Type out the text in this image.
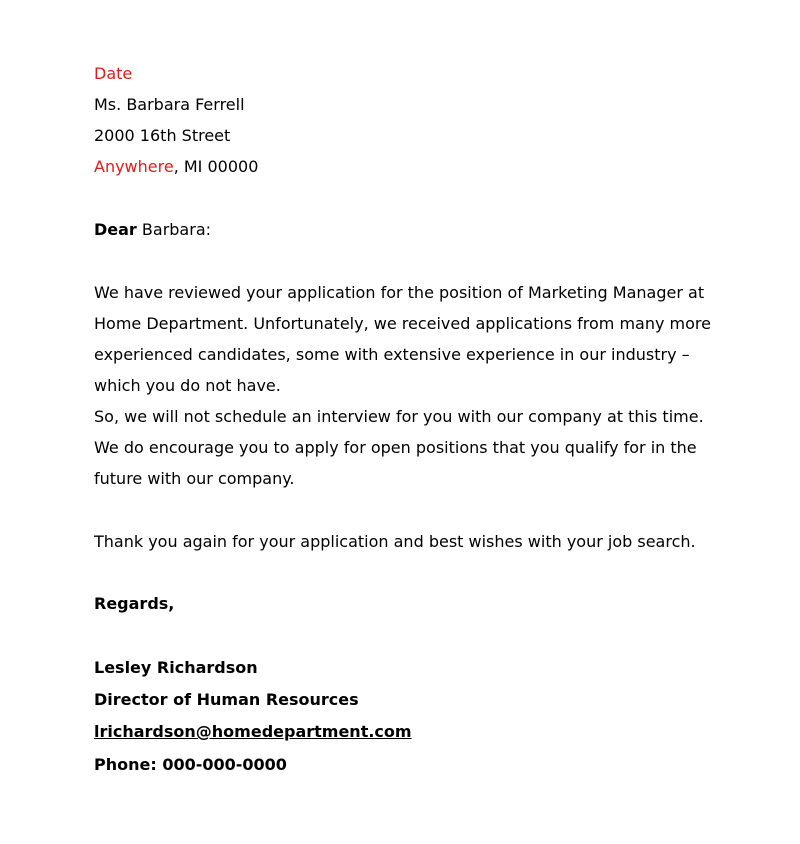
Date
Ms. Barbara Ferrell
2000 16th Street
Anywhere, MI 00000
Dear Barbara:
We have reviewed your application for the position of Marketing Manager at
Home Department. Unfortunately, we received applications from many more
experienced candidates, some with extensive experience in our industry –
which you do not have.
So, we will not schedule an interview for you with our company at this time.
We do encourage you to apply for open positions that you qualify for in the
future with our company.
Thank you again for your application and best wishes with your job search.
Regards,
Lesley Richardson
Director of Human Resources
lrichardson@homedepartment.com
Phone: 000-000-0000
